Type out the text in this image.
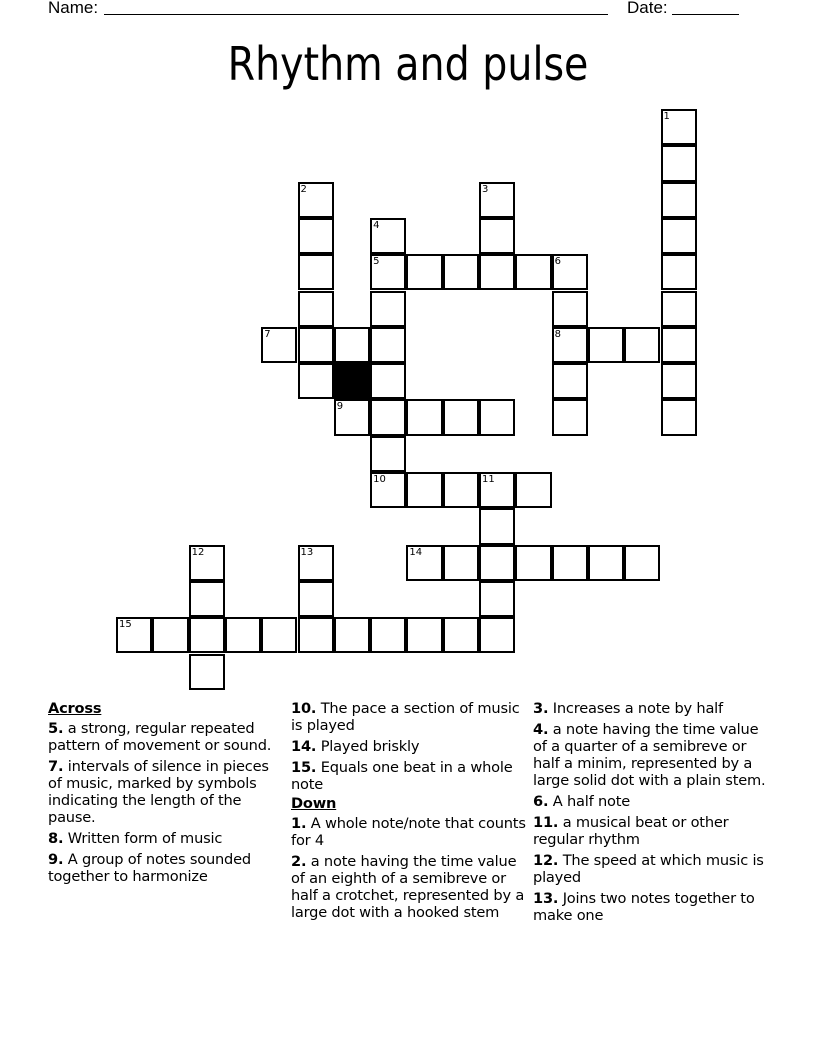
Name:	Date:
Rhythm and pulse
1
2	3
4
5	6
7	8
9
10	11
12	13	14
15
Across
5. a strong, regular repeated pattern of movement or sound.
7. intervals of silence in pieces of music, marked by symbols indicating the length of the pause.
8. Written form of music
9. A group of notes sounded together to harmonize
10. The pace a section of music is played
14. Played briskly
15. Equals one beat in a whole note
Down
1. A whole note/note that counts for 4
2. a note having the time value of an eighth of a semibreve or half a crotchet, represented by a large dot with a hooked stem
3. Increases a note by half
4. a note having the time value of a quarter of a semibreve or half a minim, represented by a large solid dot with a plain stem.
6. A half note
11. a musical beat or other regular rhythm
12. The speed at which music is played
13. Joins two notes together to make one
